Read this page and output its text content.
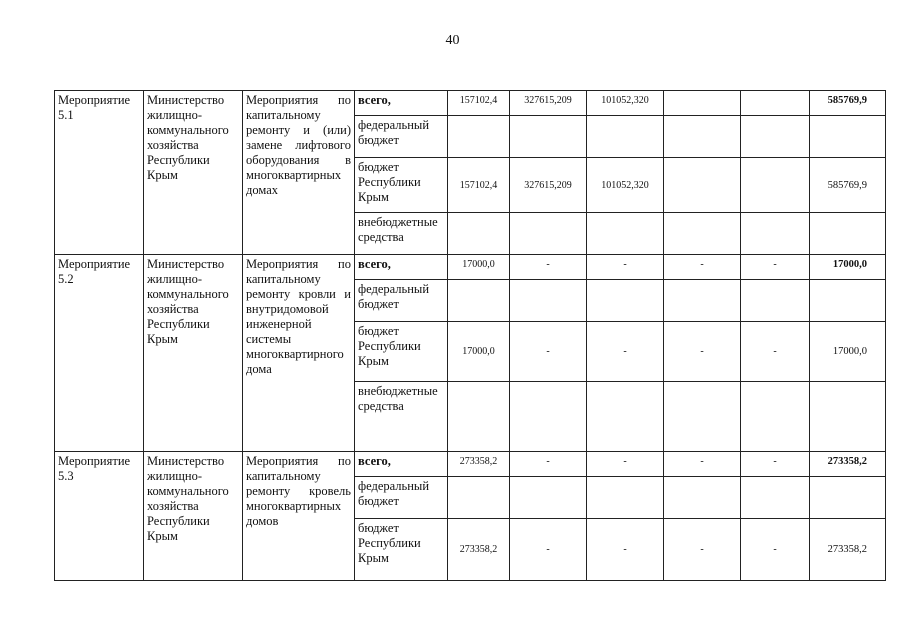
40
Мероприятие 5.1	Министерство жилищно-коммунального хозяйства Республики Крым	Мероприятия по капитальному ремонту и (или) замене лифтового оборудования в многоквартирных домах	всего,	157102,4	327615,209	101052,320			585769,9
			федеральный бюджет						
			бюджет Республики Крым	157102,4	327615,209	101052,320			585769,9
			внебюджетные средства						
Мероприятие 5.2	Министерство жилищно-коммунального хозяйства Республики Крым	Мероприятия по капитальному ремонту кровли и внутридомовой инженерной системы многоквартирного дома	всего,	17000,0	-	-	-	-	17000,0
			федеральный бюджет						
			бюджет Республики Крым	17000,0	-	-	-	-	17000,0
			внебюджетные средства						
Мероприятие 5.3	Министерство жилищно-коммунального хозяйства Республики Крым	Мероприятия по капитальному ремонту кровель многоквартирных домов	всего,	273358,2	-	-	-	-	273358,2
			федеральный бюджет						
			бюджет Республики Крым	273358,2	-	-	-	-	273358,2
